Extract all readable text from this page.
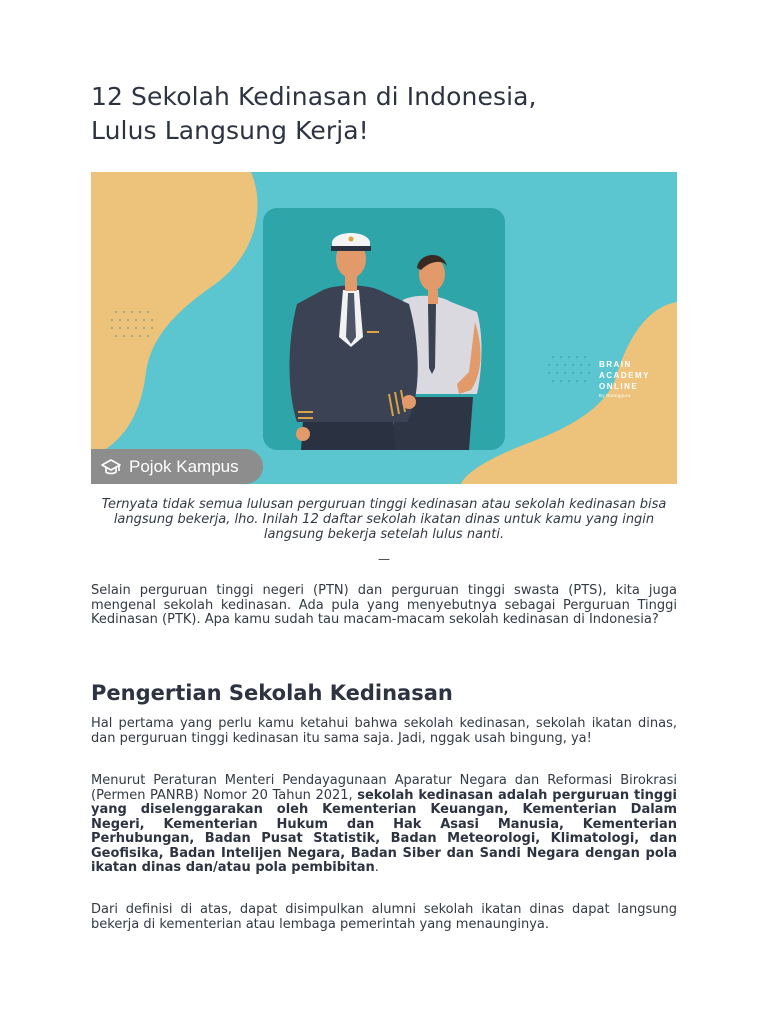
12 Sekolah Kedinasan di Indonesia,
Lulus Langsung Kerja!
BRAIN
ACADEMY
ONLINE
By Ruangguru
Pojok Kampus

Ternyata tidak semua lulusan perguruan tinggi kedinasan atau sekolah kedinasan bisa langsung bekerja, lho. Inilah 12 daftar sekolah ikatan dinas untuk kamu yang ingin langsung bekerja setelah lulus nanti.

—

Selain perguruan tinggi negeri (PTN) dan perguruan tinggi swasta (PTS), kita juga mengenal sekolah kedinasan. Ada pula yang menyebutnya sebagai Perguruan Tinggi Kedinasan (PTK). Apa kamu sudah tau macam-macam sekolah kedinasan di Indonesia?

Pengertian Sekolah Kedinasan

Hal pertama yang perlu kamu ketahui bahwa sekolah kedinasan, sekolah ikatan dinas, dan perguruan tinggi kedinasan itu sama saja. Jadi, nggak usah bingung, ya!

Menurut Peraturan Menteri Pendayagunaan Aparatur Negara dan Reformasi Birokrasi (Permen PANRB) Nomor 20 Tahun 2021, sekolah kedinasan adalah perguruan tinggi yang diselenggarakan oleh Kementerian Keuangan, Kementerian Dalam Negeri, Kementerian Hukum dan Hak Asasi Manusia, Kementerian Perhubungan, Badan Pusat Statistik, Badan Meteorologi, Klimatologi, dan Geofisika, Badan Intelijen Negara, Badan Siber dan Sandi Negara dengan pola ikatan dinas dan/atau pola pembibitan.

Dari definisi di atas, dapat disimpulkan alumni sekolah ikatan dinas dapat langsung bekerja di kementerian atau lembaga pemerintah yang menaunginya.
